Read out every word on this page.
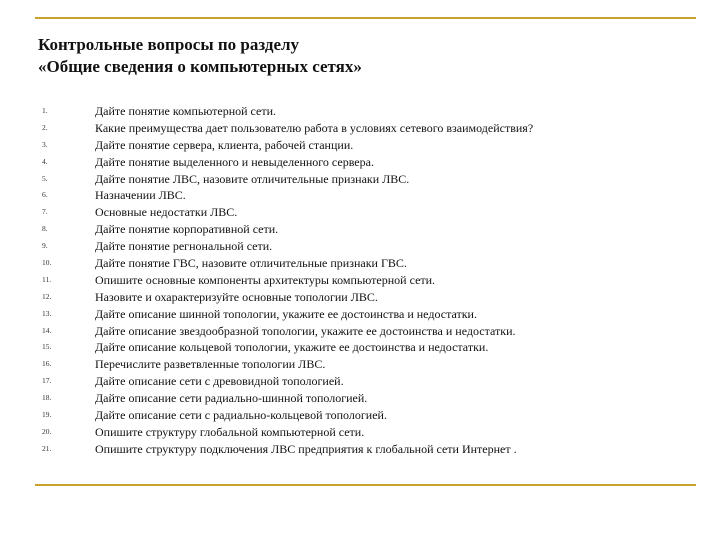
Контрольные вопросы по разделу
«Общие сведения о компьютерных сетях»
1.	Дайте понятие компьютерной сети.
2.	Какие преимущества дает пользователю работа в условиях сетевого взаимодействия?
3.	Дайте понятие сервера, клиента, рабочей станции.
4.	Дайте понятие выделенного и невыделенного сервера.
5.	Дайте понятие ЛВС, назовите отличительные признаки ЛВС.
6.	Назначении ЛВС.
7.	Основные недостатки ЛВС.
8.	Дайте понятие корпоративной сети.
9.	Дайте понятие регнональной сети.
10.	Дайте понятие ГВС, назовите отличительные признаки ГВС.
11.	Опишите основные компоненты архитектуры компьютерной сети.
12.	Назовите и охарактеризуйте основные топологии ЛВС.
13.	Дайте описание шинной топологии, укажите ее достоинства и недостатки.
14.	Дайте описание звездообразной топологии, укажите ее достоинства и недостатки.
15.	Дайте описание кольцевой топологии, укажите ее достоинства и недостатки.
16.	Перечислите разветвленные топологии ЛВС.
17.	Дайте описание сети с древовидной топологией.
18.	Дайте описание сети радиально-шинной топологией.
19.	Дайте описание сети с радиально-кольцевой топологией.
20.	Опишите структуру глобальной компьютерной сети.
21.	Опишите структуру подключения ЛВС предприятия к глобальной сети Интернет .
